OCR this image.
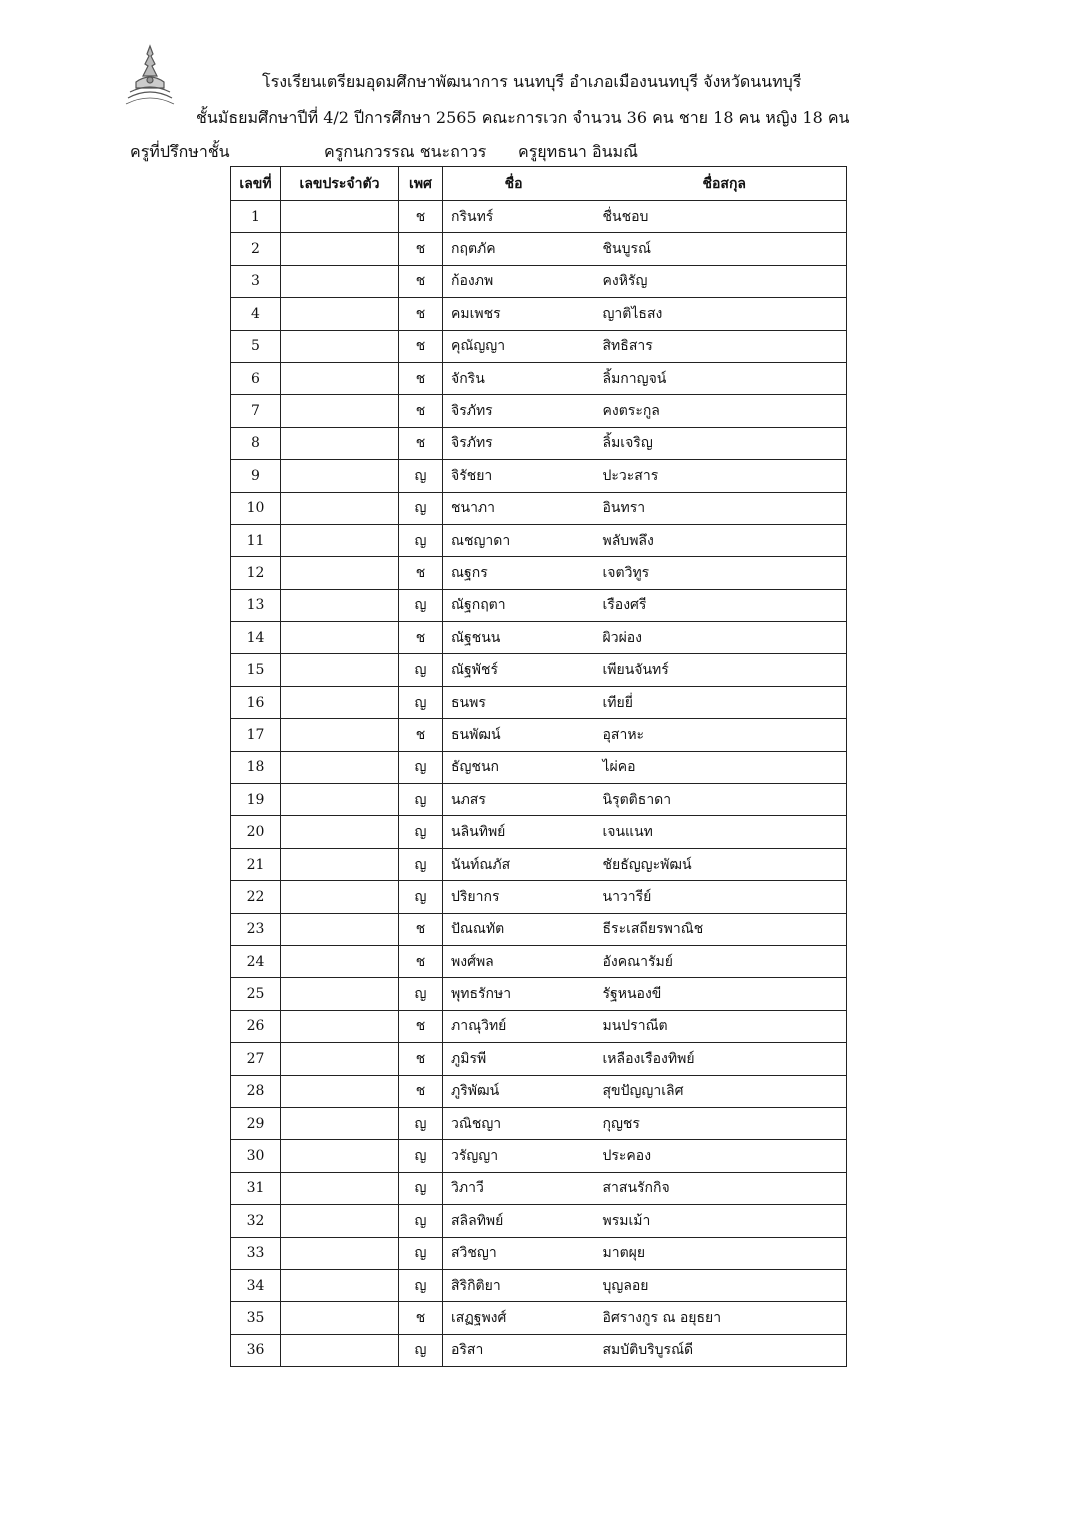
โรงเรียนเตรียมอุดมศึกษาพัฒนาการ นนทบุรี อำเภอเมืองนนทบุรี จังหวัดนนทบุรี
ชั้นมัธยมศึกษาปีที่ 4/2 ปีการศึกษา 2565 คณะการเวก จำนวน 36 คน ชาย 18 คน หญิง 18 คน
ครูที่ปรึกษาชั้น	ครูกนกวรรณ ชนะถาวร ครูยุทธนา อินมณี
เลขที่	เลขประจำตัว	เพศ	ชื่อ	ชื่อสกุล
1		ช	กรินทร์	ชื่นชอบ
2		ช	กฤตภัค	ชินบูรณ์
3		ช	ก้องภพ	คงหิรัญ
4		ช	คมเพชร	ญาติไธสง
5		ช	คุณัญญา	สิทธิสาร
6		ช	จักริน	ลิ้มกาญจน์
7		ช	จิรภัทร	คงตระกูล
8		ช	จิรภัทร	ลิ้มเจริญ
9		ญ	จิรัชยา	ปะวะสาร
10		ญ	ชนาภา	อินทรา
11		ญ	ณชญาดา	พลับพลึง
12		ช	ณฐกร	เจตวิทูร
13		ญ	ณัฐกฤตา	เรืองศรี
14		ช	ณัฐชนน	ผิวผ่อง
15		ญ	ณัฐพัชร์	เพียนจันทร์
16		ญ	ธนพร	เทียยี่
17		ช	ธนพัฒน์	อุสาหะ
18		ญ	ธัญชนก	ไผ่คอ
19		ญ	นภสร	นิรุตติธาดา
20		ญ	นลินทิพย์	เจนแนท
21		ญ	นันท์ณภัส	ชัยธัญญะพัฒน์
22		ญ	ปริยากร	นาวารีย์
23		ช	ปัณณทัต	ธีระเสถียรพาณิช
24		ช	พงศ์พล	อังคณารัมย์
25		ญ	พุทธรักษา	รัฐหนองขี
26		ช	ภาณุวิทย์	มนปราณีต
27		ช	ภูมิรพี	เหลืองเรืองทิพย์
28		ช	ภูริพัฒน์	สุขปัญญาเลิศ
29		ญ	วณิชญา	กุญชร
30		ญ	วรัญญา	ประคอง
31		ญ	วิภาวี	สาสนรักกิจ
32		ญ	สลิลทิพย์	พรมเม้า
33		ญ	สวิชญา	มาตผุย
34		ญ	สิริกิติยา	บุญลอย
35		ช	เสฏฐพงศ์	อิศรางกูร ณ อยุธยา
36		ญ	อริสา	สมบัติบริบูรณ์ดี
